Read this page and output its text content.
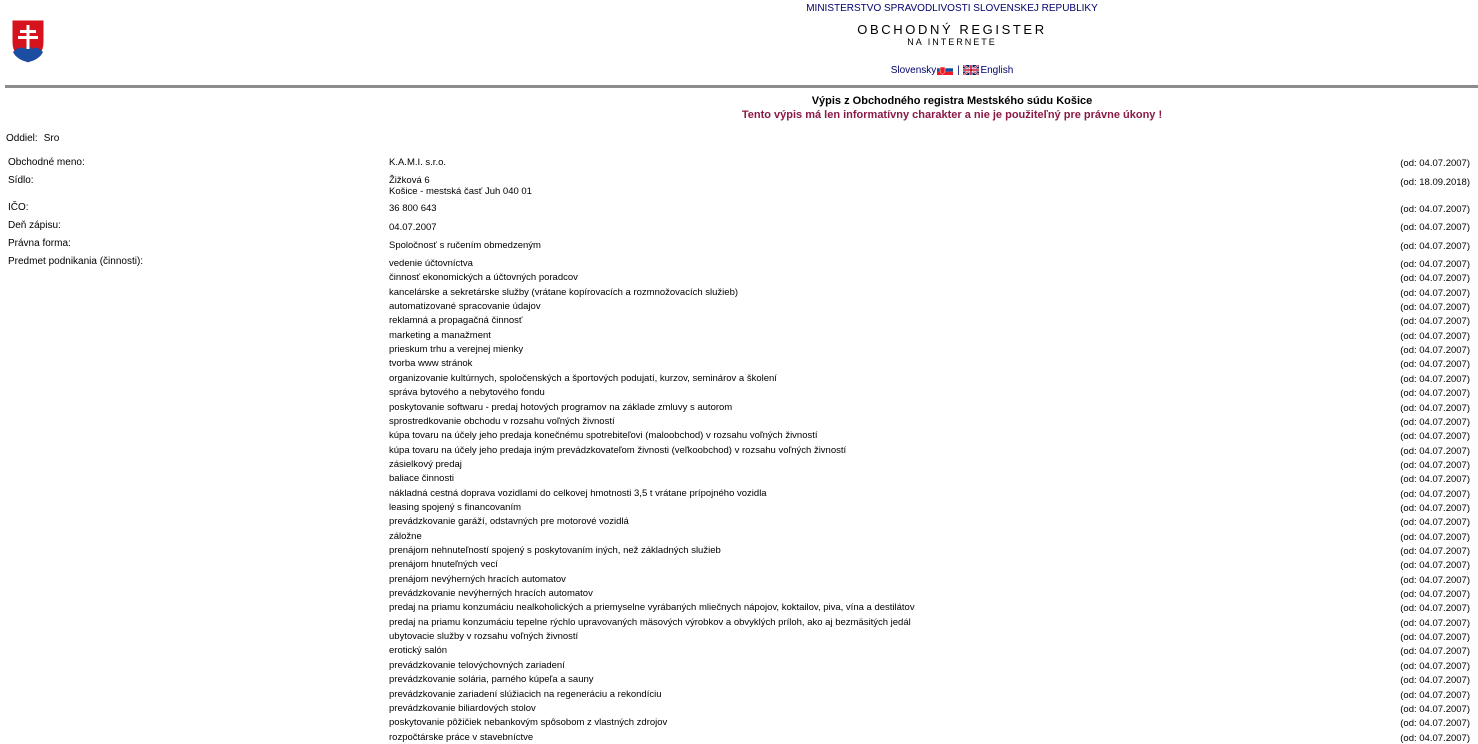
MINISTERSTVO SPRAVODLIVOSTI SLOVENSKEJ REPUBLIKY
OBCHODNÝ REGISTER
NA INTERNETE
Slovensky | English
Výpis z Obchodného registra Mestského súdu Košice
Tento výpis má len informatívny charakter a nie je použiteľný pre právne úkony !
Oddiel: Sro
Obchodné meno:	K.A.M.I. s.r.o.	(od: 04.07.2007)
Sídlo:	Žižková 6
Košice - mestská časť Juh 040 01
(od: 18.09.2018)
IČO:	36 800 643	(od: 04.07.2007)
Deň zápisu:	04.07.2007	(od: 04.07.2007)
Právna forma:	Spoločnosť s ručením obmedzeným	(od: 04.07.2007)
Predmet podnikania (činnosti):	vedenie účtovníctva	(od: 04.07.2007)
činnosť ekonomických a účtovných poradcov	(od: 04.07.2007)
kancelárske a sekretárske služby (vrátane kopírovacích a rozmnožovacích služieb)	(od: 04.07.2007)
automatizované spracovanie údajov	(od: 04.07.2007)
reklamná a propagačná činnosť	(od: 04.07.2007)
marketing a manažment	(od: 04.07.2007)
prieskum trhu a verejnej mienky	(od: 04.07.2007)
tvorba www stránok	(od: 04.07.2007)
organizovanie kultúrnych, spoločenských a športových podujatí, kurzov, seminárov a školení	(od: 04.07.2007)
správa bytového a nebytového fondu	(od: 04.07.2007)
poskytovanie softwaru - predaj hotových programov na základe zmluvy s autorom	(od: 04.07.2007)
sprostredkovanie obchodu v rozsahu voľných živností	(od: 04.07.2007)
kúpa tovaru na účely jeho predaja konečnému spotrebiteľovi (maloobchod) v rozsahu voľných živností	(od: 04.07.2007)
kúpa tovaru na účely jeho predaja iným prevádzkovateľom živnosti (veľkoobchod) v rozsahu voľných živností	(od: 04.07.2007)
zásielkový predaj	(od: 04.07.2007)
baliace činnosti	(od: 04.07.2007)
nákladná cestná doprava vozidlami do celkovej hmotnosti 3,5 t vrátane prípojného vozidla	(od: 04.07.2007)
leasing spojený s financovaním	(od: 04.07.2007)
prevádzkovanie garáží, odstavných pre motorové vozidlá	(od: 04.07.2007)
záložne	(od: 04.07.2007)
prenájom nehnuteľností spojený s poskytovaním iných, než základných služieb	(od: 04.07.2007)
prenájom hnuteľných vecí	(od: 04.07.2007)
prenájom nevýherných hracích automatov	(od: 04.07.2007)
prevádzkovanie nevýherných hracích automatov	(od: 04.07.2007)
predaj na priamu konzumáciu nealkoholických a priemyselne vyrábaných mliečnych nápojov, koktailov, piva, vína a destilátov	(od: 04.07.2007)
predaj na priamu konzumáciu tepelne rýchlo upravovaných mäsových výrobkov a obvyklých príloh, ako aj bezmäsitých jedál	(od: 04.07.2007)
ubytovacie služby v rozsahu voľných živností	(od: 04.07.2007)
erotický salón	(od: 04.07.2007)
prevádzkovanie telovýchovných zariadení	(od: 04.07.2007)
prevádzkovanie solária, parného kúpeľa a sauny	(od: 04.07.2007)
prevádzkovanie zariadení slúžiacich na regeneráciu a rekondíciu	(od: 04.07.2007)
prevádzkovanie biliardových stolov	(od: 04.07.2007)
poskytovanie pôžičiek nebankovým spôsobom z vlastných zdrojov	(od: 04.07.2007)
rozpočtárske práce v stavebníctve	(od: 04.07.2007)
